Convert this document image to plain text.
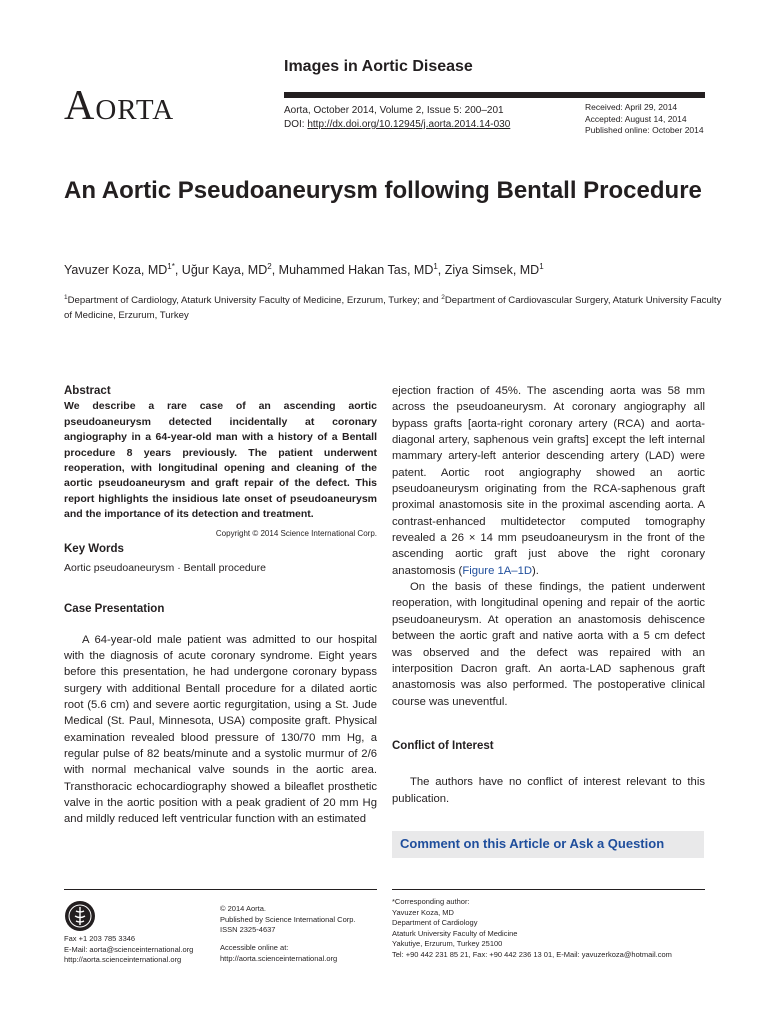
Images in Aortic Disease
Aorta	Aorta, October 2014, Volume 2, Issue 5: 200–201
DOI: http://dx.doi.org/10.12945/j.aorta.2014.14-030
Received: April 29, 2014
Accepted: August 14, 2014
Published online: October 2014
An Aortic Pseudoaneurysm following Bentall Procedure
Yavuzer Koza, $MD^{1*}$, Uğur Kaya, $MD^2$, Muhammed Hakan Tas, $MD^1$, Ziya Simsek, $MD^1$
$^1$Department of Cardiology, Ataturk University Faculty of Medicine, Erzurum, Turkey; and $^2$Department of Cardiovascular Surgery, Ataturk University Faculty of Medicine, Erzurum, Turkey
Abstract

We describe a rare case of an ascending aortic pseudoaneurysm detected incidentally at coronary angiography in a 64-year-old man with a history of a Bentall procedure 8 years previously. The patient underwent reoperation, with longitudinal opening and cleaning of the aortic pseudoaneurysm and graft repair of the defect. This report highlights the insidious late onset of pseudoaneurysm and the importance of its detection and treatment.
Copyright © 2014 Science International Corp.

Key Words

Aortic pseudoaneurysm · Bentall procedure

Case Presentation

A 64-year-old male patient was admitted to our hospital with the diagnosis of acute coronary syndrome. Eight years before this presentation, he had undergone coronary bypass surgery with additional Bentall procedure for a dilated aortic root (5.6 cm) and severe aortic regurgitation, using a St. Jude Medical (St. Paul, Minnesota, USA) composite graft. Physical examination revealed blood pressure of 130/70 mm Hg, a regular pulse of 82 beats/minute and a systolic murmur of 2/6 with normal mechanical valve sounds in the aortic area. Transthoracic echocardiography showed a bileaflet prosthetic valve in the aortic position with a peak gradient of 20 mm Hg and mildly reduced left ventricular function with an estimated

ejection fraction of 45%. The ascending aorta was 58 mm across the pseudoaneurysm. At coronary angiography all bypass grafts [aorta-right coronary artery (RCA) and aorta-diagonal artery, saphenous vein grafts] except the left internal mammary artery-left anterior descending artery (LAD) were patent. Aortic root angiography showed an aortic pseudoaneurysm originating from the RCA-saphenous graft proximal anastomosis site in the proximal ascending aorta. A contrast-enhanced multidetector computed tomography revealed a 26 × 14 mm pseudoaneurysm in the front of the ascending aortic graft just above the right coronary anastomosis (Figure 1A–1D).

On the basis of these findings, the patient underwent reoperation, with longitudinal opening and repair of the aortic pseudoaneurysm. At operation an anastomosis dehiscence between the aortic graft and native aorta with a 5 cm defect was observed and the defect was repaired with an interposition Dacron graft. An aorta-LAD saphenous graft anastomosis was also performed. The postoperative clinical course was uneventful.

Conflict of Interest

The authors have no conflict of interest relevant to this publication.

Comment on this Article or Ask a Question
Fax +1 203 785 3346
E-Mail: aorta@scienceinternational.org
http://aorta.scienceinternational.org
© 2014 Aorta.
Published by Science International Corp.
ISSN 2325-4637
Accessible online at:
http://aorta.scienceinternational.org
*Corresponding author:
Yavuzer Koza, MD
Department of Cardiology
Ataturk University Faculty of Medicine
Yakutiye, Erzurum, Turkey 25100
Tel: +90 442 231 85 21, Fax: +90 442 236 13 01, E-Mail: yavuzerkoza@hotmail.com
